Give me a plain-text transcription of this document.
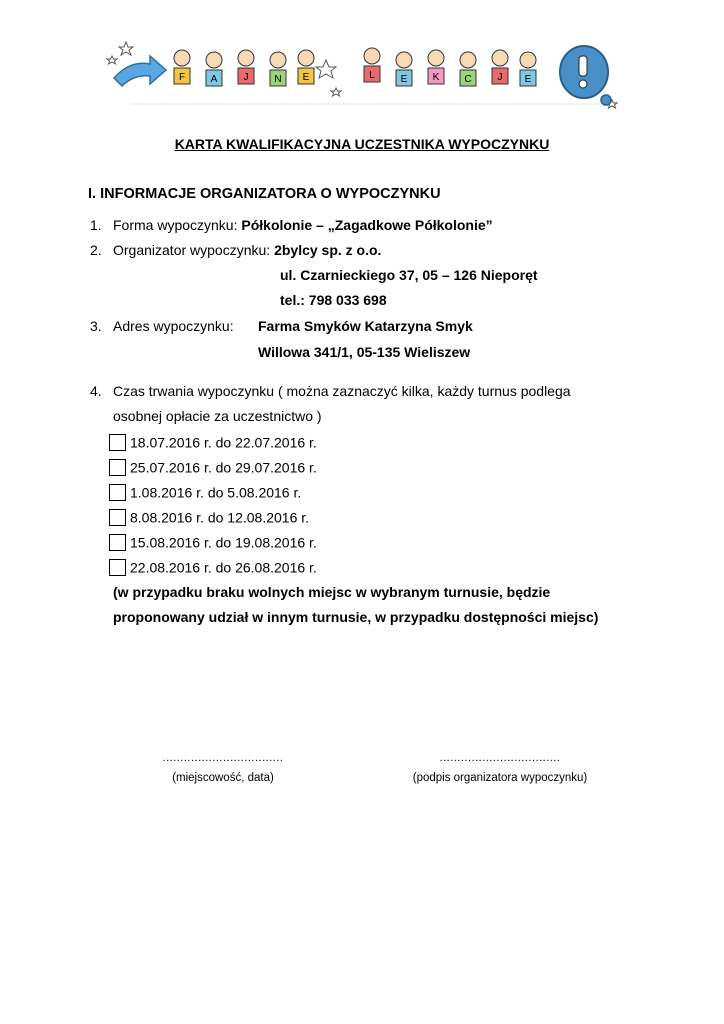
F	A	J	N E	L	E	K	C	J E
KARTA KWALIFIKACYJNA UCZESTNIKA WYPOCZYNKU
I. INFORMACJE ORGANIZATORA O WYPOCZYNKU
1. Forma wypoczynku: Półkolonie – „Zagadkowe Półkolonie”
2. Organizator wypoczynku: 2bylcy sp. z o.o.
ul. Czarnieckiego 37, 05 – 126 Nieporęt
tel.: 798 033 698
3. Adres wypoczynku: Farma Smyków Katarzyna Smyk
Willowa 341/1, 05-135 Wieliszew
4. Czas trwania wypoczynku ( można zaznaczyć kilka, każdy turnus podlega
osobnej opłacie za uczestnictwo )
18.07.2016 r. do 22.07.2016 r.
25.07.2016 r. do 29.07.2016 r.
1.08.2016 r. do 5.08.2016 r.
8.08.2016 r. do 12.08.2016 r.
15.08.2016 r. do 19.08.2016 r.
22.08.2016 r. do 26.08.2016 r.
(w przypadku braku wolnych miejsc w wybranym turnusie, będzie
proponowany udział w innym turnusie, w przypadku dostępności miejsc)
..................................
(miejscowość, data)
..................................
(podpis organizatora wypoczynku)
